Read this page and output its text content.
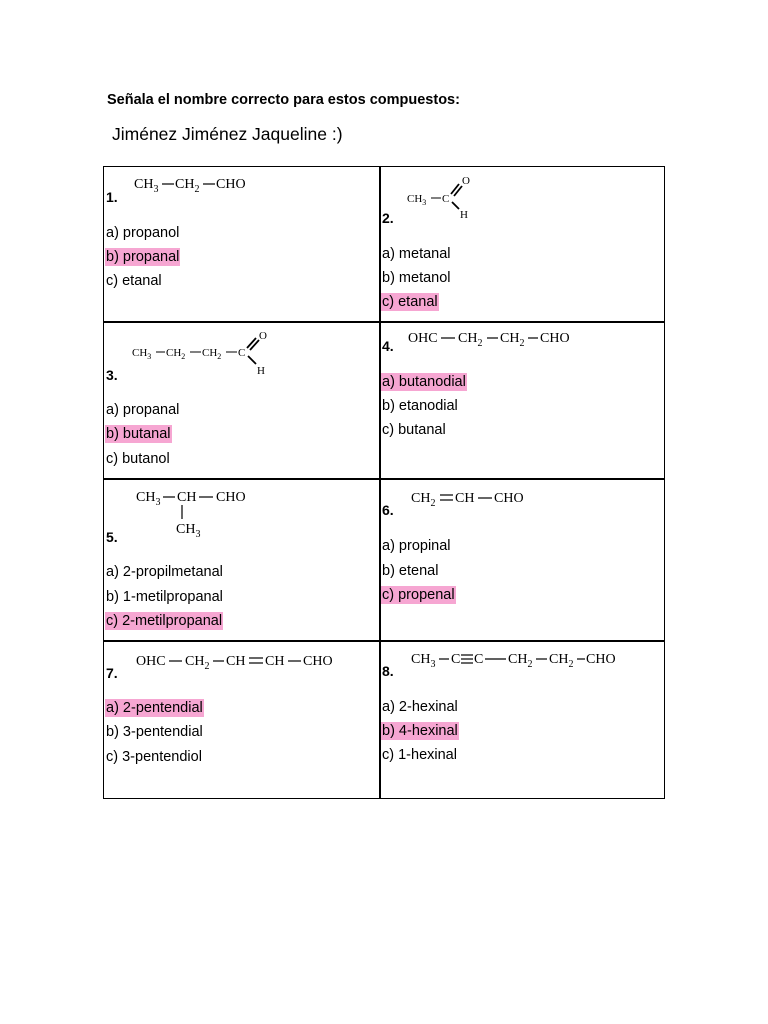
Señala el nombre correcto para estos compuestos:
Jiménez Jiménez Jaqueline :)
$CH_3$ $CH_2$ CHO
1.
a) propanol
b) propanal
c) etanal
$CH_3$ C
O
H
2.
a) metanal
b) metanol
c) etanal
$CH_3$ $CH_2$ $CH_2$ C
O
H
3.
a) propanal
b) butanal
c) butanol
OHC $CH_2$ $CH_2$ CHO
4.
a) butanodial
b) etanodial
c) butanal
$CH_3$ CH CHO
$CH_3$
5.
a) 2-propilmetanal
b) 1-metilpropanal
c) 2-metilpropanal
$CH_2$ CH CHO
6.
a) propinal
b) etenal
c) propenal
OHC $CH_2$ CH CH CHO
7.
a) 2-pentendial
b) 3-pentendial
c) 3-pentendiol
$CH_3$ C C $CH_2$ $CH_2$ CHO
8.
a) 2-hexinal
b) 4-hexinal
c) 1-hexinal
